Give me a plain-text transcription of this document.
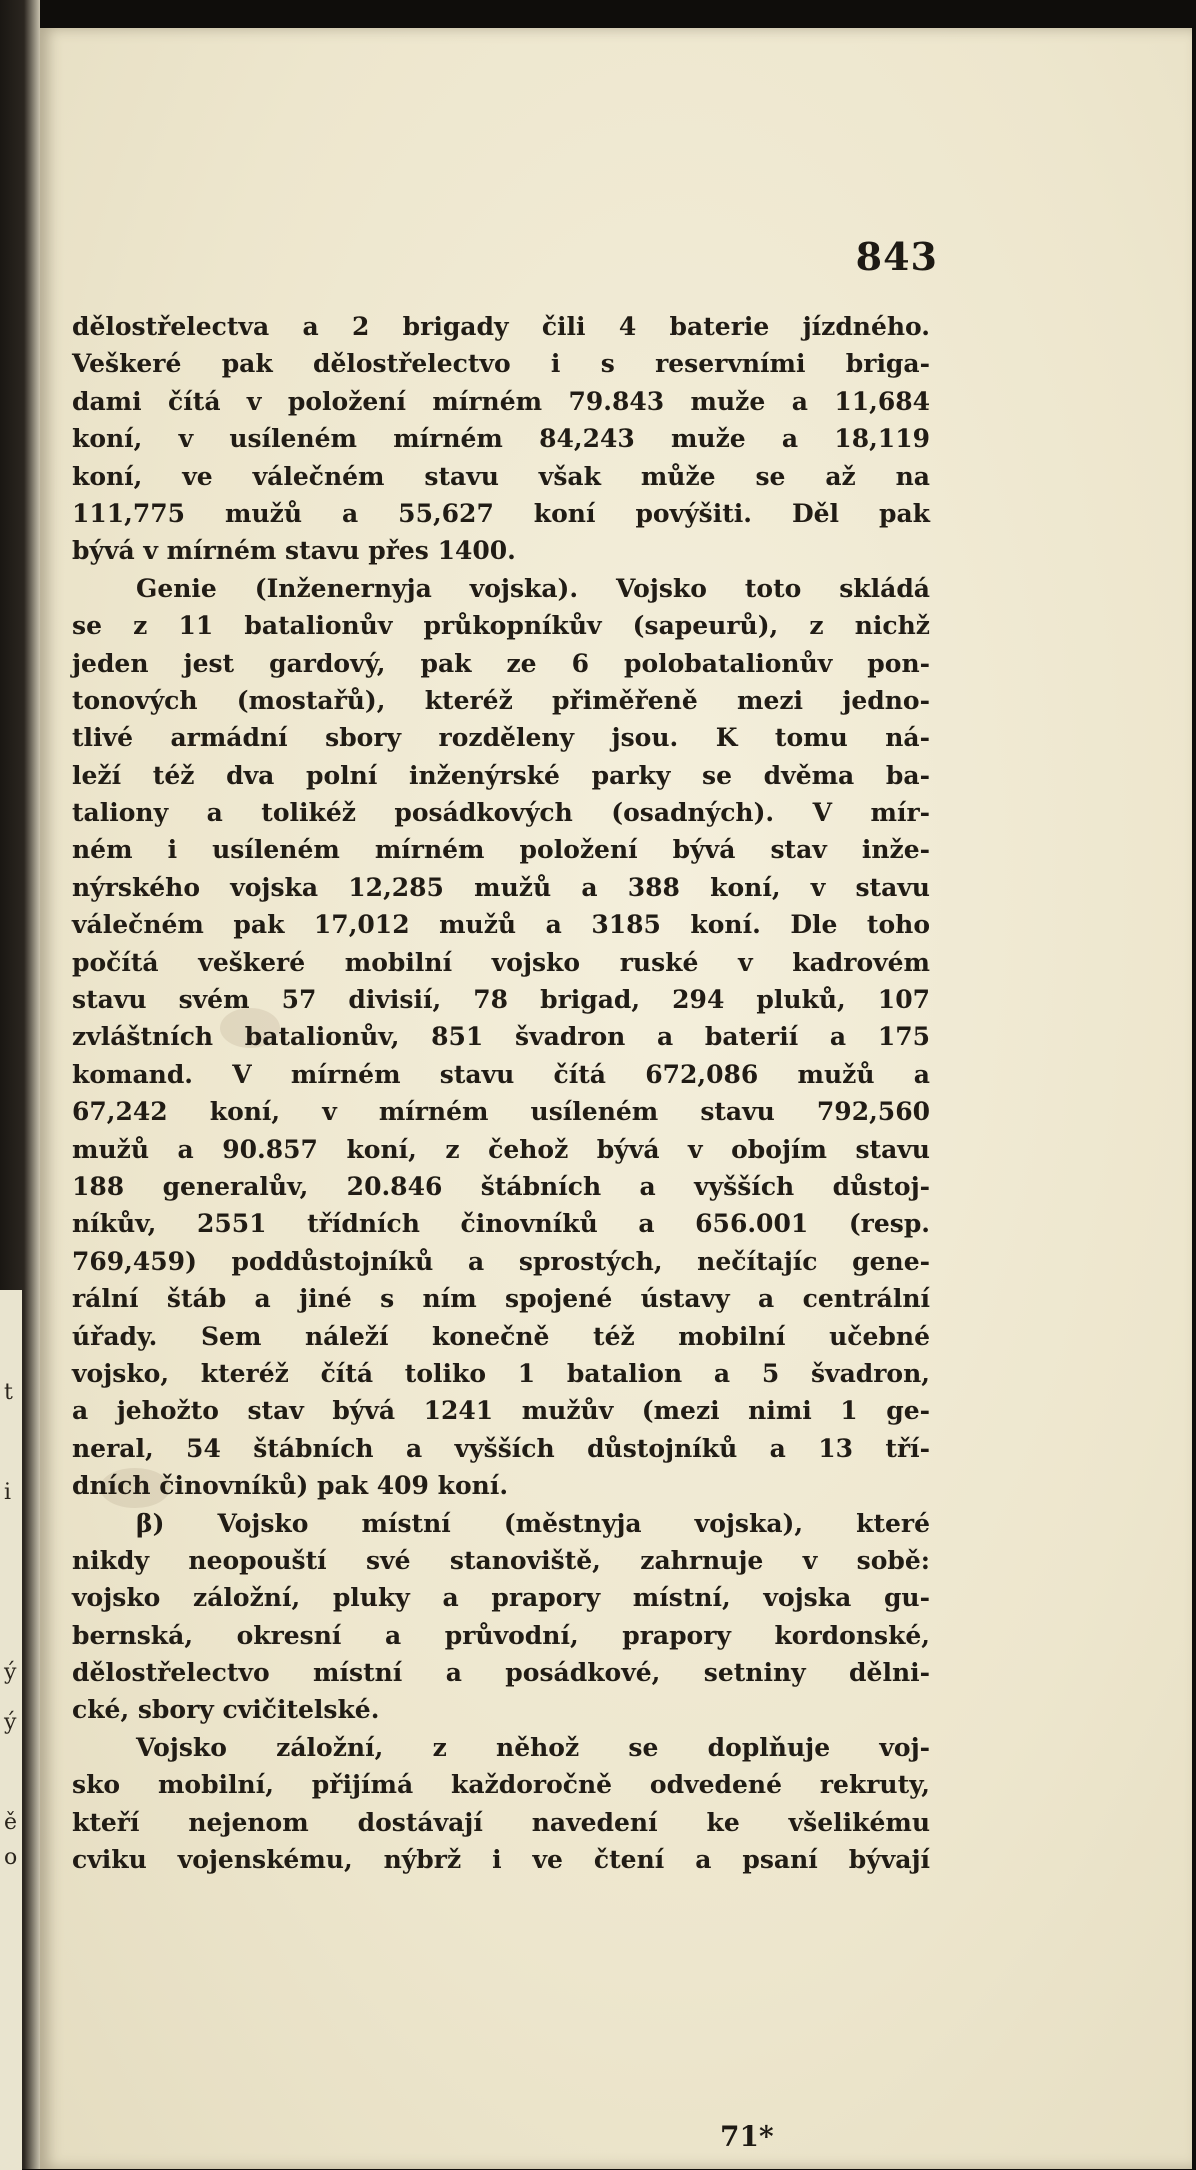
t
i
ý
ý
ě
o
843
dělostřelectva a 2 brigady čili 4 baterie jízdného.
Veškeré pak dělostřelectvo i s reservními briga-
dami čítá v položení mírném 79.843 muže a 11,684
koní, v usíleném mírném 84,243 muže a 18,119
koní, ve válečném stavu však může se až na
111,775 mužů a 55,627 koní povýšiti. Děl pak
bývá v mírném stavu přes 1400.
Genie (Inženernyja vojska). Vojsko toto skládá
se z 11 batalionův průkopníkův (sapeurů), z nichž
jeden jest gardový, pak ze 6 polobatalionův pon-
tonových (mostařů), kteréž přiměřeně mezi jedno-
tlivé armádní sbory rozděleny jsou. K tomu ná-
leží též dva polní inženýrské parky se dvěma ba-
taliony a tolikéž posádkových (osadných). V mír-
ném i usíleném mírném položení bývá stav inže-
nýrského vojska 12,285 mužů a 388 koní, v stavu
válečném pak 17,012 mužů a 3185 koní. Dle toho
počítá veškeré mobilní vojsko ruské v kadrovém
stavu svém 57 divisií, 78 brigad, 294 pluků, 107
zvláštních batalionův, 851 švadron a baterií a 175
komand. V mírném stavu čítá 672,086 mužů a
67,242 koní, v mírném usíleném stavu 792,560
mužů a 90.857 koní, z čehož bývá v obojím stavu
188 generalův, 20.846 štábních a vyšších důstoj-
níkův, 2551 třídních činovníků a 656.001 (resp.
769,459) poddůstojníků a sprostých, nečítajíc gene-
rální štáb a jiné s ním spojené ústavy a centrální
úřady. Sem náleží konečně též mobilní učebné
vojsko, kteréž čítá toliko 1 batalion a 5 švadron,
a jehožto stav bývá 1241 mužův (mezi nimi 1 ge-
neral, 54 štábních a vyšších důstojníků a 13 tří-
dních činovníků) pak 409 koní.
β) Vojsko místní (městnyja vojska), které
nikdy neopouští své stanoviště, zahrnuje v sobě:
vojsko záložní, pluky a prapory místní, vojska gu-
bernská, okresní a průvodní, prapory kordonské,
dělostřelectvo místní a posádkové, setniny dělni-
cké, sbory cvičitelské.
Vojsko záložní, z něhož se doplňuje voj-
sko mobilní, přijímá každoročně odvedené rekruty,
kteří nejenom dostávají navedení ke všelikému
cviku vojenskému, nýbrž i ve čtení a psaní bývají
71*
